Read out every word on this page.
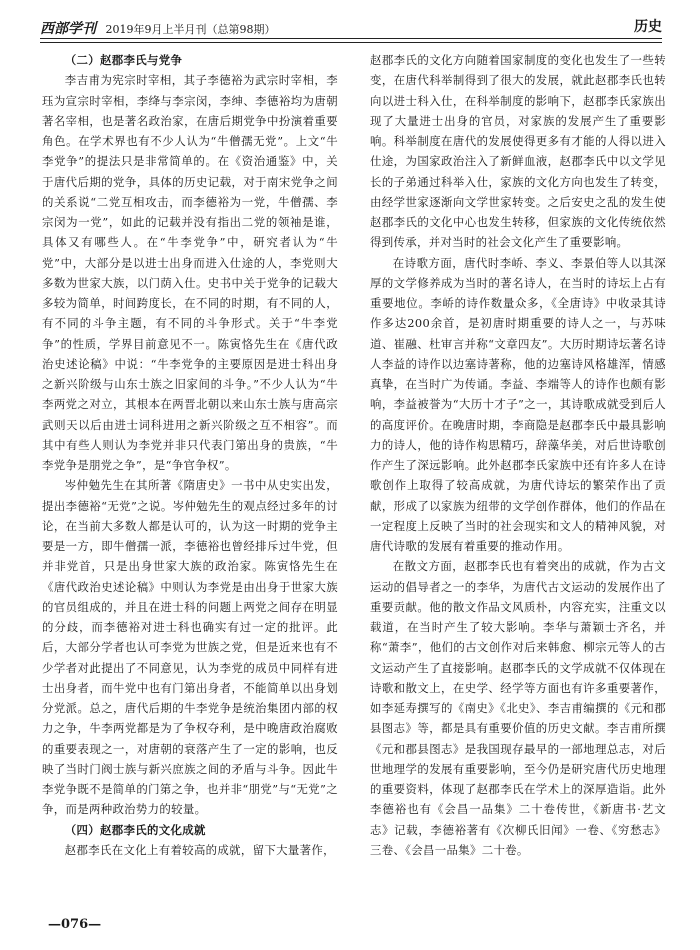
西部学刊 2019年9月上半月刊（总第98期）	历史

（二）赵郡李氏与党争

李吉甫为宪宗时宰相，其子李德裕为武宗时宰相，李珏为宣宗时宰相，李绛与李宗闵，李绅、李德裕均为唐朝著名宰相，也是著名政治家，在唐后期党争中扮演着重要角色。在学术界也有不少人认为“牛僧孺无党”。上文“牛李党争”的提法只是非常简单的。在《资治通鉴》中，关于唐代后期的党争，具体的历史记载，对于南宋党争之间的关系说“二党互相攻击，而李德裕为一党，牛僧孺、李宗闵为一党”，如此的记载并没有指出二党的领袖是谁，具体又有哪些人。在“牛李党争”中，研究者认为“牛党”中，大部分是以进士出身而进入仕途的人，李党则大多数为世家大族，以门荫入仕。史书中关于党争的记载大多较为简单，时间跨度长，在不同的时期，有不同的人，有不同的斗争主题，有不同的斗争形式。关于“牛李党争”的性质，学界目前意见不一。陈寅恪先生在《唐代政治史述论稿》中说：“牛李党争的主要原因是进士科出身之新兴阶级与山东士族之旧家间的斗争。”不少人认为“牛李两党之对立，其根本在两晋北朝以来山东士族与唐高宗武则天以后由进士词科进用之新兴阶级之互不相容”。而其中有些人则认为李党并非只代表门第出身的贵族，“牛李党争是朋党之争”，是“争官争权”。

岑仲勉先生在其所著《隋唐史》一书中从史实出发，提出李德裕“无党”之说。岑仲勉先生的观点经过多年的讨论，在当前大多数人都是认可的，认为这一时期的党争主要是一方，即牛僧孺一派，李德裕也曾经排斥过牛党，但并非党首，只是出身世家大族的政治家。陈寅恪先生在《唐代政治史述论稿》中则认为李党是由出身于世家大族的官员组成的，并且在进士科的问题上两党之间存在明显的分歧，而李德裕对进士科也确实有过一定的批评。此后，大部分学者也认可李党为世族之党，但是近来也有不少学者对此提出了不同意见，认为李党的成员中同样有进士出身者，而牛党中也有门第出身者，不能简单以出身划分党派。总之，唐代后期的牛李党争是统治集团内部的权力之争，牛李两党都是为了争权夺利，是中晚唐政治腐败的重要表现之一，对唐朝的衰落产生了一定的影响，也反映了当时门阀士族与新兴庶族之间的矛盾与斗争。因此牛李党争既不是简单的门第之争，也并非“朋党”与“无党”之争，而是两种政治势力的较量。

（四）赵郡李氏的文化成就

赵郡李氏在文化上有着较高的成就，留下大量著作，

赵郡李氏的文化方向随着国家制度的变化也发生了一些转变，在唐代科举制得到了很大的发展，就此赵郡李氏也转向以进士科入仕，在科举制度的影响下，赵郡李氏家族出现了大量进士出身的官员，对家族的发展产生了重要影响。科举制度在唐代的发展使得更多有才能的人得以进入仕途，为国家政治注入了新鲜血液，赵郡李氏中以文学见长的子弟通过科举入仕，家族的文化方向也发生了转变，由经学世家逐渐向文学世家转变。之后安史之乱的发生使赵郡李氏的文化中心也发生转移，但家族的文化传统依然得到传承，并对当时的社会文化产生了重要影响。

在诗歌方面，唐代时李峤、李义、李景伯等人以其深厚的文学修养成为当时的著名诗人，在当时的诗坛上占有重要地位。李峤的诗作数量众多，《全唐诗》中收录其诗作多达200余首，是初唐时期重要的诗人之一，与苏味道、崔融、杜审言并称“文章四友”。大历时期诗坛著名诗人李益的诗作以边塞诗著称，他的边塞诗风格雄浑，情感真挚，在当时广为传诵。李益、李端等人的诗作也颇有影响，李益被誉为“大历十才子”之一，其诗歌成就受到后人的高度评价。在晚唐时期，李商隐是赵郡李氏中最具影响力的诗人，他的诗作构思精巧，辞藻华美，对后世诗歌创作产生了深远影响。此外赵郡李氏家族中还有许多人在诗歌创作上取得了较高成就，为唐代诗坛的繁荣作出了贡献，形成了以家族为纽带的文学创作群体，他们的作品在一定程度上反映了当时的社会现实和文人的精神风貌，对唐代诗歌的发展有着重要的推动作用。

在散文方面，赵郡李氏也有着突出的成就，作为古文运动的倡导者之一的李华，为唐代古文运动的发展作出了重要贡献。他的散文作品文风质朴，内容充实，注重文以载道，在当时产生了较大影响。李华与萧颖士齐名，并称“萧李”，他们的古文创作对后来韩愈、柳宗元等人的古文运动产生了直接影响。赵郡李氏的文学成就不仅体现在诗歌和散文上，在史学、经学等方面也有许多重要著作，如李延寿撰写的《南史》《北史》、李吉甫编撰的《元和郡县图志》等，都是具有重要价值的历史文献。李吉甫所撰《元和郡县图志》是我国现存最早的一部地理总志，对后世地理学的发展有重要影响，至今仍是研究唐代历史地理的重要资料，体现了赵郡李氏在学术上的深厚造诣。此外李德裕也有《会昌一品集》二十卷传世，《新唐书·艺文志》记载，李德裕著有《次柳氏旧闻》一卷、《穷愁志》三卷、《会昌一品集》二十卷。

—076—
